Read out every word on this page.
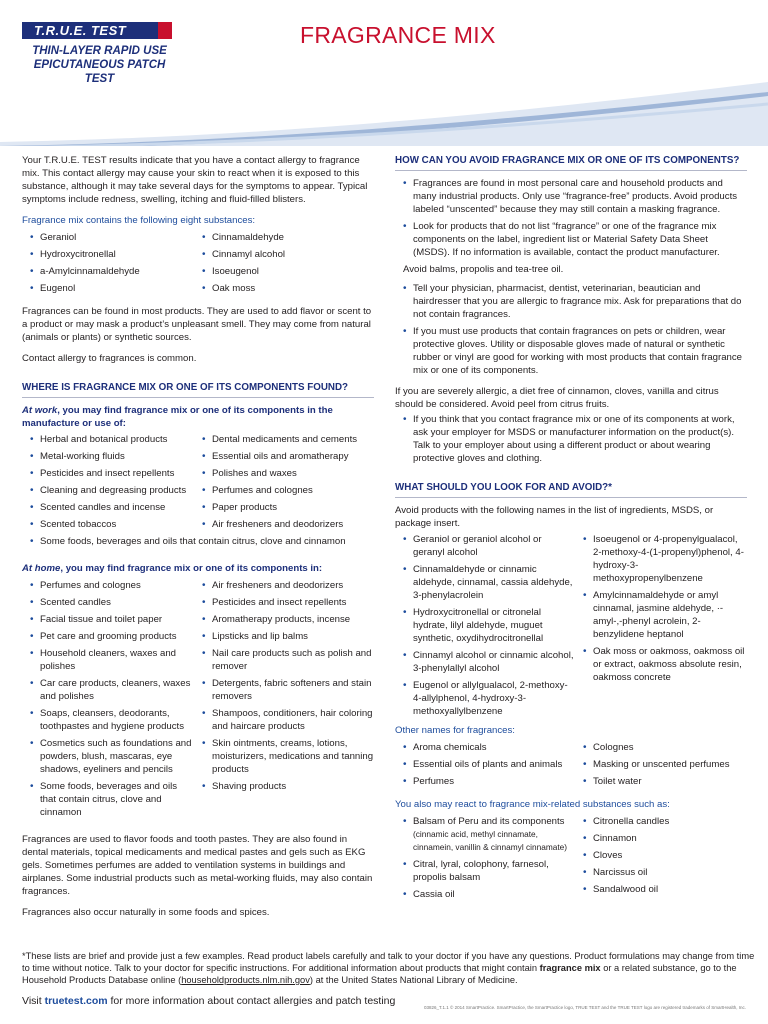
T.R.U.E. TEST
THIN-LAYER RAPID USE
EPICUTANEOUS PATCH TEST
FRAGRANCE MIX

Your T.R.U.E. TEST results indicate that you have a contact allergy to fragrance mix. This contact allergy may cause your skin to react when it is exposed to this substance, although it may take several days for the symptoms to appear. Typical symptoms include redness, swelling, itching and fluid-filled blisters.

Fragrance mix contains the following eight substances:
• Geraniol
• Hydroxycitronellal
• a-Amylcinnamaldehyde
• Eugenol
• Cinnamaldehyde
• Cinnamyl alcohol
• Isoeugenol
• Oak moss

Fragrances can be found in most products. They are used to add flavor or scent to a product or may mask a product’s unpleasant smell. They may come from natural (animals or plants) or synthetic sources.

Contact allergy to fragrances is common.

WHERE IS FRAGRANCE MIX OR ONE OF ITS COMPONENTS FOUND?
At work, you may find fragrance mix or one of its components in the manufacture or use of:
• Herbal and botanical products
• Metal-working fluids
• Pesticides and insect repellents
• Cleaning and degreasing products
• Scented candles and incense
• Scented tobaccos
• Dental medicaments and cements
• Essential oils and aromatherapy
• Polishes and waxes
• Perfumes and colognes
• Paper products
• Air fresheners and deodorizers
• Some foods, beverages and oils that contain citrus, clove and cinnamon
At home, you may find fragrance mix or one of its components in:
• Perfumes and colognes
• Scented candles
• Facial tissue and toilet paper
• Pet care and grooming products
• Household cleaners, waxes and polishes
• Car care products, cleaners, waxes and polishes
• Soaps, cleansers, deodorants, toothpastes and hygiene products
• Cosmetics such as foundations and powders, blush, mascaras, eye shadows, eyeliners and pencils
• Some foods, beverages and oils that contain citrus, clove and cinnamon
• Air fresheners and deodorizers
• Pesticides and insect repellents
• Aromatherapy products, incense
• Lipsticks and lip balms
• Nail care products such as polish and remover
• Detergents, fabric softeners and stain removers
• Shampoos, conditioners, hair coloring and haircare products
• Skin ointments, creams, lotions, moisturizers, medications and tanning products
• Shaving products

Fragrances are used to flavor foods and tooth pastes. They are also found in dental materials, topical medicaments and medical pastes and gels such as EKG gels. Sometimes perfumes are added to ventilation systems in buildings and airplanes. Some industrial products such as metal-working fluids, may also contain fragrances.

Fragrances also occur naturally in some foods and spices.

HOW CAN YOU AVOID FRAGRANCE MIX OR ONE OF ITS COMPONENTS?
• Fragrances are found in most personal care and household products and many industrial products. Only use “fragrance-free” products. Avoid products labeled “unscented” because they may still contain a masking fragrance.
• Look for products that do not list “fragrance” or one of the fragrance mix components on the label, ingredient list or Material Safety Data Sheet (MSDS). If no information is available, contact the product manufacturer.
Avoid balms, propolis and tea-tree oil.
• Tell your physician, pharmacist, dentist, veterinarian, beautician and hairdresser that you are allergic to fragrance mix. Ask for preparations that do not contain fragrances.
• If you must use products that contain fragrances on pets or children, wear protective gloves. Utility or disposable gloves made of natural or synthetic rubber or vinyl are good for working with most products that contain fragrance mix or one of its components.

If you are severely allergic, a diet free of cinnamon, cloves, vanilla and citrus should be considered. Avoid peel from citrus fruits.

• If you think that you contact fragrance mix or one of its components at work, ask your employer for MSDS or manufacturer information on the product(s). Talk to your employer about using a different product or about wearing protective gloves and clothing.
WHAT SHOULD YOU LOOK FOR AND AVOID?*

Avoid products with the following names in the list of ingredients, MSDS, or package insert.

• Geraniol or geraniol alcohol or geranyl alcohol
• Cinnamaldehyde or cinnamic aldehyde, cinnamal, cassia aldehyde, 3-phenylacrolein
• Hydroxycitronellal or citronelal hydrate, lilyl aldehyde, muguet synthetic, oxydihydrocitronellal
• Cinnamyl alcohol or cinnamic alcohol, 3-phenylallyl alcohol
• Eugenol or allylgualacol, 2-methoxy-4-allylphenol, 4-hydroxy-3-methoxyallylbenzene
• Isoeugenol or 4-propenylgualacol, 2-methoxy-4-(1-propenyl)phenol, 4-hydroxy-3-methoxypropenylbenzene
• Amylcinnamaldehyde or amyl cinnamal, jasmine aldehyde, ·-amyl-,-phenyl acrolein, 2-benzylidene heptanol
• Oak moss or oakmoss, oakmoss oil or extract, oakmoss absolute resin, oakmoss concrete
Other names for fragrances:
• Aroma chemicals
• Essential oils of plants and animals
• Perfumes
• Colognes
• Masking or unscented perfumes
• Toilet water
You also may react to fragrance mix-related substances such as:
• Balsam of Peru and its components
(cinnamic acid, methyl cinnamate, cinnamein, vanillin & cinnamyl cinnamate)
• Citral, lyral, colophony, farnesol, propolis balsam
• Cassia oil
• Citronella candles
• Cinnamon
• Cloves
• Narcissus oil
• Sandalwood oil
*These lists are brief and provide just a few examples. Read product labels carefully and talk to your doctor if you have any questions. Product formulations may change from time to time without notice. Talk to your doctor for specific instructions. For additional information about products that might contain fragrance mix or a related substance, go to the Household Products Database online (householdproducts.nlm.nih.gov) at the United States National Library of Medicine.
Visit truetest.com for more information about contact allergies and patch testing
03826_T.1.1 © 2014 SmartPractice. SmartPractice, the SmartPractice logo, TRUE TEST and the TRUE TEST logo are registered trademarks of SmartHealth, Inc.
